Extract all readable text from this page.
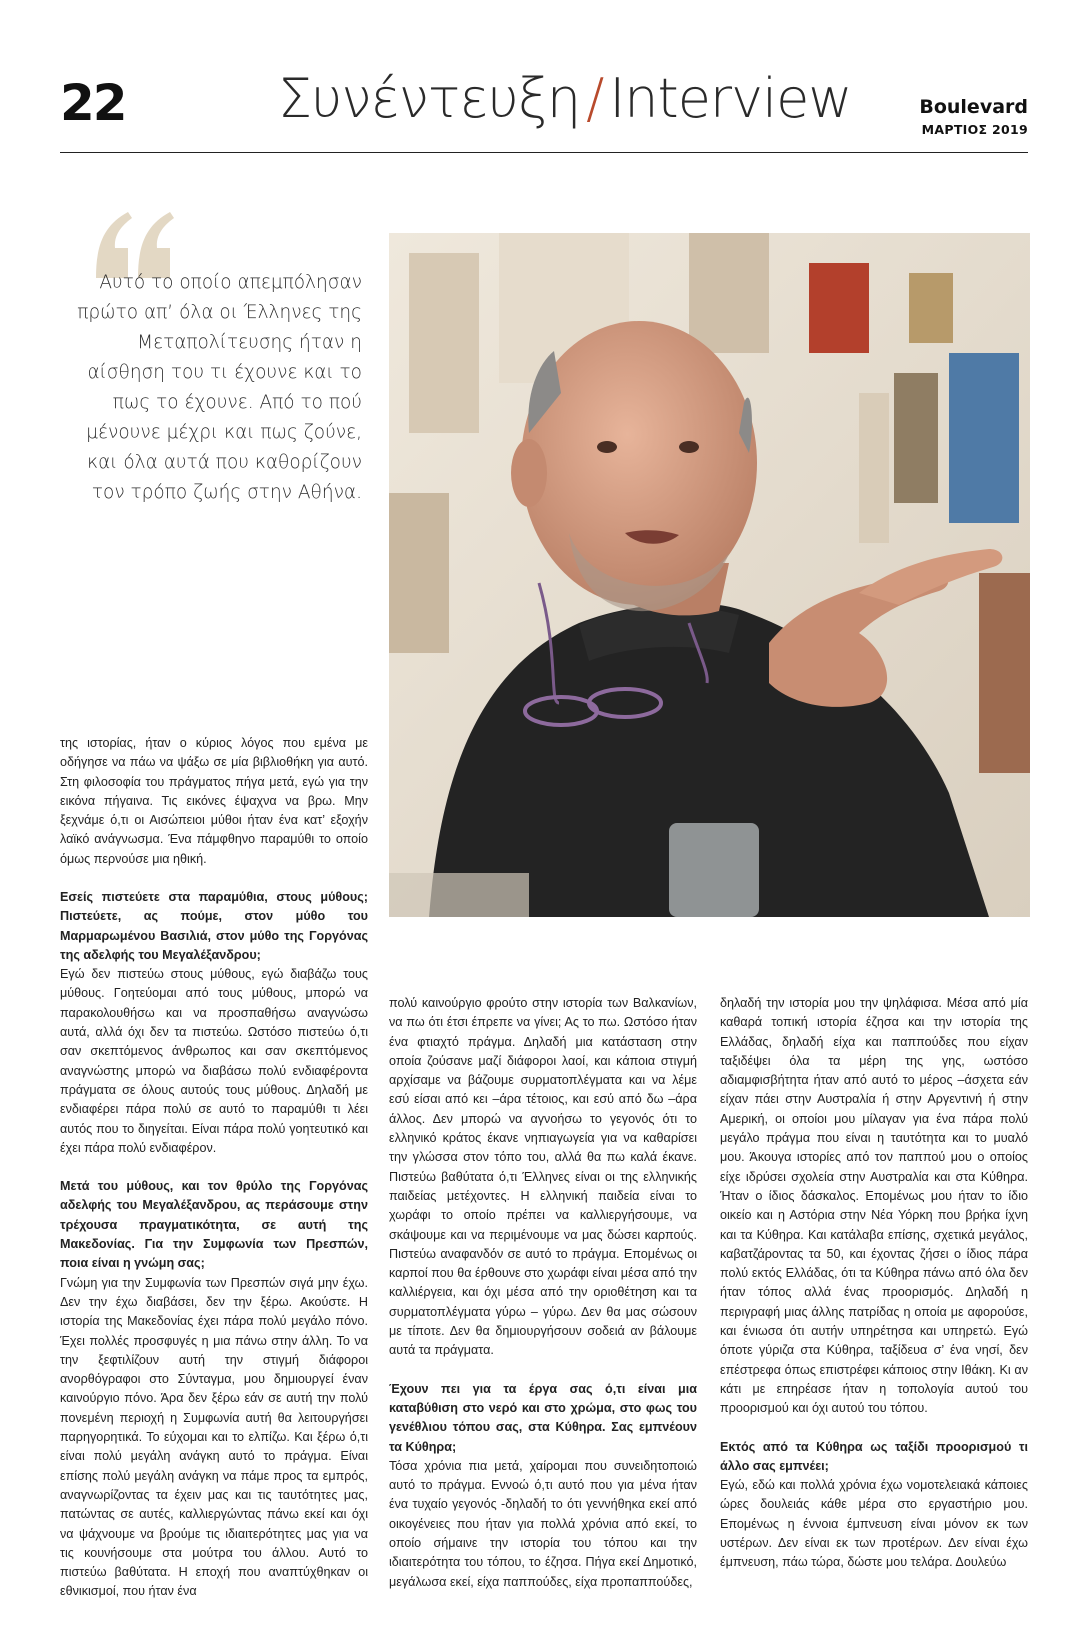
22	Συνέντευξη / Interview	Boulevard
ΜΑΡΤΙΟΣ 2019
Αυτό το οποίο απεμπόλησαν πρώτο απ’ όλα οι Έλληνες της Μεταπολίτευσης ήταν η αίσθηση του τι έχουνε και το πως το έχουνε. Από το πού μένουνε μέχρι και πως ζούνε, και όλα αυτά που καθορίζουν τον τρόπο ζωής στην Αθήνα.

της ιστορίας, ήταν ο κύριος λόγος που εμένα με οδήγησε να πάω να ψάξω σε μία βιβλιοθήκη για αυτό. Στη φιλοσοφία του πράγματος πήγα μετά, εγώ για την εικόνα πήγαινα. Τις εικόνες έψαχνα να βρω. Μην ξεχνάμε ό,τι οι Αισώπειοι μύθοι ήταν ένα κατ’ εξοχήν λαϊκό ανάγνωσμα. Ένα πάμφθηνο παραμύθι το οποίο όμως περνούσε μια ηθική.

Εσείς πιστεύετε στα παραμύθια, στους μύθους; Πιστεύετε, ας πούμε, στον μύθο του Μαρμαρωμένου Βασιλιά, στον μύθο της Γοργόνας της αδελφής του Μεγαλέξανδρου;

Εγώ δεν πιστεύω στους μύθους, εγώ διαβάζω τους μύθους. Γοητεύομαι από τους μύθους, μπορώ να παρακολουθήσω και να προσπαθήσω αναγνώσω αυτά, αλλά όχι δεν τα πιστεύω. Ωστόσο πιστεύω ό,τι σαν σκεπτόμενος άνθρωπος και σαν σκεπτόμενος αναγνώστης μπορώ να διαβάσω πολύ ενδιαφέροντα πράγματα σε όλους αυτούς τους μύθους. Δηλαδή με ενδιαφέρει πάρα πολύ σε αυτό το παραμύθι τι λέει αυτός που το διηγείται. Είναι πάρα πολύ γοητευτικό και έχει πάρα πολύ ενδιαφέρον.

Μετά του μύθους, και τον θρύλο της Γοργόνας αδελφής του Μεγαλέξανδρου, ας περάσουμε στην τρέχουσα πραγματικότητα, σε αυτή της Μακεδονίας. Για την Συμφωνία των Πρεσπών, ποια είναι η γνώμη σας;

Γνώμη για την Συμφωνία των Πρεσπών σιγά μην έχω. Δεν την έχω διαβάσει, δεν την ξέρω. Ακούστε. Η ιστορία της Μακεδονίας έχει πάρα πολύ μεγάλο πόνο. Έχει πολλές προσφυγές η μια πάνω στην άλλη. Το να την ξεφτιλίζουν αυτή την στιγμή διάφοροι ανορθόγραφοι στο Σύνταγμα, μου δημιουργεί έναν καινούργιο πόνο. Άρα δεν ξέρω εάν σε αυτή την πολύ πονεμένη περιοχή η Συμφωνία αυτή θα λειτουργήσει παρηγορητικά. Το εύχομαι και το ελπίζω. Και ξέρω ό,τι είναι πολύ μεγάλη ανάγκη αυτό το πράγμα. Είναι επίσης πολύ μεγάλη ανάγκη να πάμε προς τα εμπρός, αναγνωρίζοντας τα έχειν μας και τις ταυτότητες μας, πατώντας σε αυτές, καλλιεργώντας πάνω εκεί και όχι να ψάχνουμε να βρούμε τις ιδιαιτερότητες μας για να τις κουνήσουμε στα μούτρα του άλλου. Αυτό το πιστεύω βαθύτατα. Η εποχή που αναπτύχθηκαν οι εθνικισμοί, που ήταν ένα

πολύ καινούργιο φρούτο στην ιστορία των Βαλκανίων, να πω ότι έτσι έπρεπε να γίνει; Ας το πω. Ωστόσο ήταν ένα φτιαχτό πράγμα. Δηλαδή μια κατάσταση στην οποία ζούσανε μαζί διάφοροι λαοί, και κάποια στιγμή αρχίσαμε να βάζουμε συρματοπλέγματα και να λέμε εσύ είσαι από κει –άρα τέτοιος, και εσύ από δω –άρα άλλος. Δεν μπορώ να αγνοήσω το γεγονός ότι το ελληνικό κράτος έκανε νηπιαγωγεία για να καθαρίσει την γλώσσα στον τόπο του, αλλά θα πω καλά έκανε. Πιστεύω βαθύτατα ό,τι Έλληνες είναι οι της ελληνικής παιδείας μετέχοντες. Η ελληνική παιδεία είναι το χωράφι το οποίο πρέπει να καλλιεργήσουμε, να σκάψουμε και να περιμένουμε να μας δώσει καρπούς. Πιστεύω αναφανδόν σε αυτό το πράγμα. Επομένως οι καρποί που θα έρθουνε στο χωράφι είναι μέσα από την καλλιέργεια, και όχι μέσα από την οριοθέτηση και τα συρματοπλέγματα γύρω – γύρω. Δεν θα μας σώσουν με τίποτε. Δεν θα δημιουργήσουν σοδειά αν βάλουμε αυτά τα πράγματα.

Έχουν πει για τα έργα σας ό,τι είναι μια καταβύθιση στο νερό και στο χρώμα, στο φως του γενέθλιου τόπου σας, στα Κύθηρα. Σας εμπνέουν τα Κύθηρα;

Τόσα χρόνια πια μετά, χαίρομαι που συνειδητοποιώ αυτό το πράγμα. Εννοώ ό,τι αυτό που για μένα ήταν ένα τυχαίο γεγονός -δηλαδή το ότι γεννήθηκα εκεί από οικογένειες που ήταν για πολλά χρόνια από εκεί, το οποίο σήμαινε την ιστορία του τόπου και την ιδιαιτερότητα του τόπου, το έζησα. Πήγα εκεί Δημοτικό, μεγάλωσα εκεί, είχα παππούδες, είχα προπαππούδες,

δηλαδή την ιστορία μου την ψηλάφισα. Μέσα από μία καθαρά τοπική ιστορία έζησα και την ιστορία της Ελλάδας, δηλαδή είχα και παππούδες που είχαν ταξιδέψει όλα τα μέρη της γης, ωστόσο αδιαμφισβήτητα ήταν από αυτό το μέρος –άσχετα εάν είχαν πάει στην Αυστραλία ή στην Αργεντινή ή στην Αμερική, οι οποίοι μου μίλαγαν για ένα πάρα πολύ μεγάλο πράγμα που είναι η ταυτότητα και το μυαλό μου. Άκουγα ιστορίες από τον παππού μου ο οποίος είχε ιδρύσει σχολεία στην Αυστραλία και στα Κύθηρα. Ήταν ο ίδιος δάσκαλος. Επομένως μου ήταν το ίδιο οικείο και η Αστόρια στην Νέα Υόρκη που βρήκα ίχνη και τα Κύθηρα. Και κατάλαβα επίσης, σχετικά μεγάλος, καβατζάροντας τα 50, και έχοντας ζήσει ο ίδιος πάρα πολύ εκτός Ελλάδας, ότι τα Κύθηρα πάνω από όλα δεν ήταν τόπος αλλά ένας προορισμός. Δηλαδή η περιγραφή μιας άλλης πατρίδας η οποία με αφορούσε, και ένιωσα ότι αυτήν υπηρέτησα και υπηρετώ. Εγώ όποτε γύριζα στα Κύθηρα, ταξίδευα σ’ ένα νησί, δεν επέστρεφα όπως επιστρέφει κάποιος στην Ιθάκη. Κι αν κάτι με επηρέασε ήταν η τοπολογία αυτού του προορισμού και όχι αυτού του τόπου.

Εκτός από τα Κύθηρα ως ταξίδι προορισμού τι άλλο σας εμπνέει;

Εγώ, εδώ και πολλά χρόνια έχω νομοτελειακά κάποιες ώρες δουλειάς κάθε μέρα στο εργαστήριο μου. Επομένως η έννοια έμπνευση είναι μόνον εκ των υστέρων. Δεν είναι εκ των προτέρων. Δεν είναι έχω έμπνευση, πάω τώρα, δώστε μου τελάρα. Δουλεύω
